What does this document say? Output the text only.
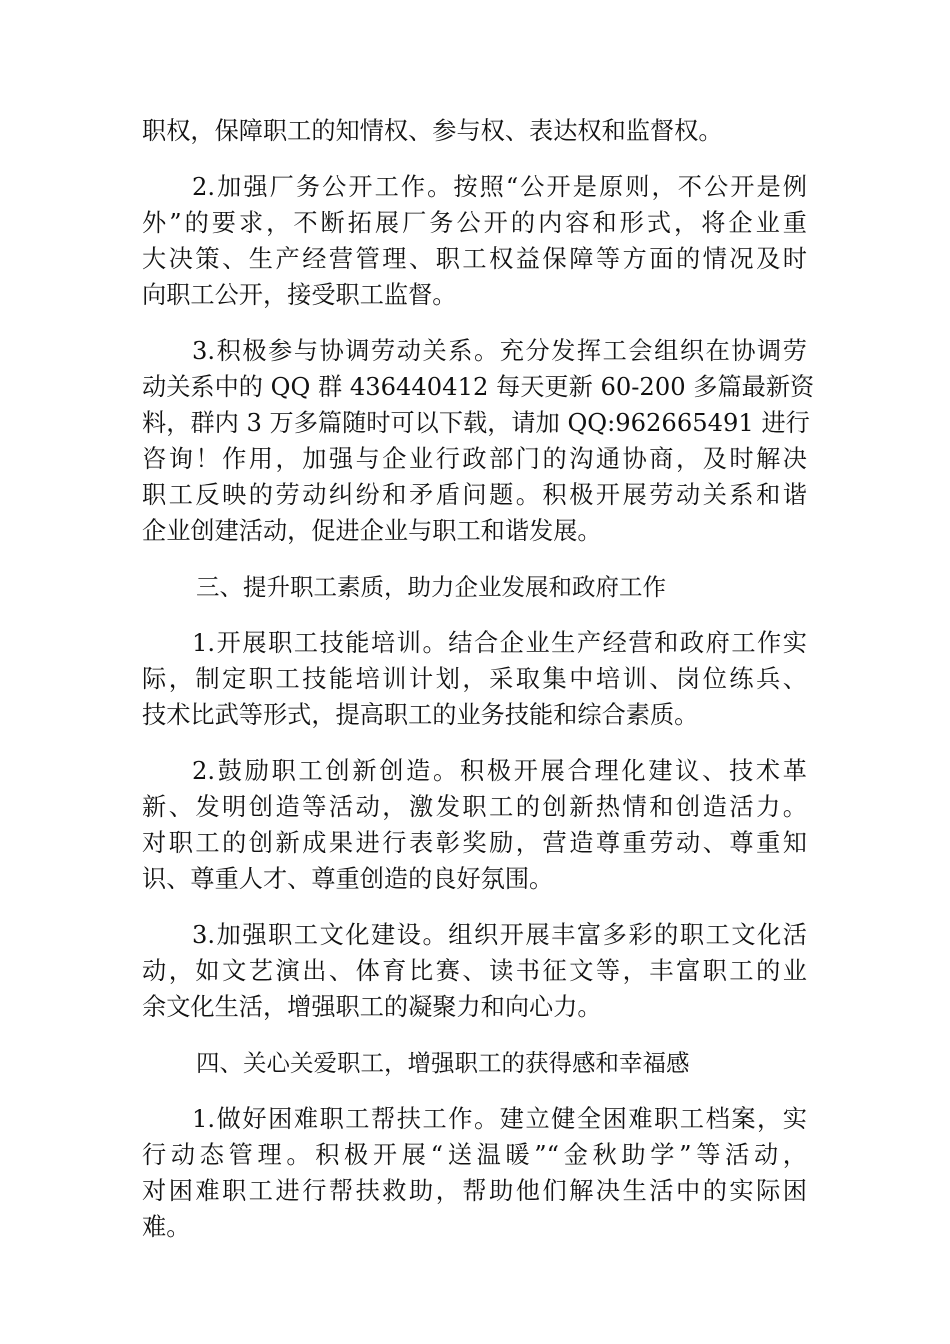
职权，保障职工的知情权、参与权、表达权和监督权。
2.加强厂务公开工作。按照“公开是原则，不公开是例
外”的要求，不断拓展厂务公开的内容和形式，将企业重
大决策、生产经营管理、职工权益保障等方面的情况及时
向职工公开，接受职工监督。
3.积极参与协调劳动关系。充分发挥工会组织在协调劳
动关系中的 QQ 群 436440412 每天更新 60-200 多篇最新资
料，群内 3 万多篇随时可以下载，请加 QQ:962665491 进行
咨询！作用，加强与企业行政部门的沟通协商，及时解决
职工反映的劳动纠纷和矛盾问题。积极开展劳动关系和谐
企业创建活动，促进企业与职工和谐发展。
三、提升职工素质，助力企业发展和政府工作
1.开展职工技能培训。结合企业生产经营和政府工作实
际，制定职工技能培训计划，采取集中培训、岗位练兵、
技术比武等形式，提高职工的业务技能和综合素质。
2.鼓励职工创新创造。积极开展合理化建议、技术革
新、发明创造等活动，激发职工的创新热情和创造活力。
对职工的创新成果进行表彰奖励，营造尊重劳动、尊重知
识、尊重人才、尊重创造的良好氛围。
3.加强职工文化建设。组织开展丰富多彩的职工文化活
动，如文艺演出、体育比赛、读书征文等，丰富职工的业
余文化生活，增强职工的凝聚力和向心力。
四、关心关爱职工，增强职工的获得感和幸福感
1.做好困难职工帮扶工作。建立健全困难职工档案，实
行动态管理。积极开展“送温暖”“金秋助学”等活动，
对困难职工进行帮扶救助，帮助他们解决生活中的实际困
难。
